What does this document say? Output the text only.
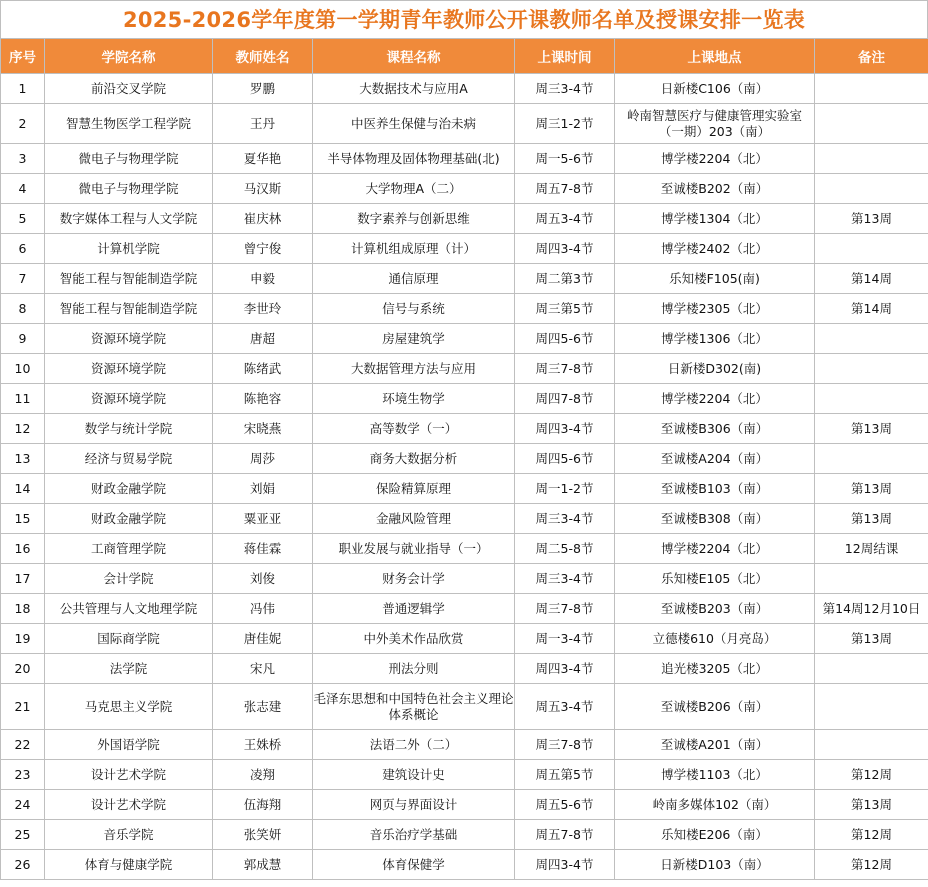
2025-2026学年度第一学期青年教师公开课教师名单及授课安排一览表
序号	学院名称	教师姓名	课程名称	上课时间	上课地点	备注
1	前沿交叉学院	罗鹏	大数据技术与应用A	周三3-4节	日新楼C106（南）	
2	智慧生物医学工程学院	王丹	中医养生保健与治未病	周三1-2节	岭南智慧医疗与健康管理实验室（一期）203（南）	
3	微电子与物理学院	夏华艳	半导体物理及固体物理基础(北)	周一5-6节	博学楼2204（北）	
4	微电子与物理学院	马汉斯	大学物理A（二）	周五7-8节	至诚楼B202（南）	
5	数字媒体工程与人文学院	崔庆林	数字素养与创新思维	周五3-4节	博学楼1304（北）	第13周
6	计算机学院	曾宁俊	计算机组成原理（计）	周四3-4节	博学楼2402（北）	
7	智能工程与智能制造学院	申毅	通信原理	周二第3节	乐知楼F105(南)	第14周
8	智能工程与智能制造学院	李世玲	信号与系统	周三第5节	博学楼2305（北）	第14周
9	资源环境学院	唐超	房屋建筑学	周四5-6节	博学楼1306（北）	
10	资源环境学院	陈绪武	大数据管理方法与应用	周三7-8节	日新楼D302(南)	
11	资源环境学院	陈艳容	环境生物学	周四7-8节	博学楼2204（北）	
12	数学与统计学院	宋晓燕	高等数学（一）	周四3-4节	至诚楼B306（南）	第13周
13	经济与贸易学院	周莎	商务大数据分析	周四5-6节	至诚楼A204（南）	
14	财政金融学院	刘娟	保险精算原理	周一1-2节	至诚楼B103（南）	第13周
15	财政金融学院	粟亚亚	金融风险管理	周三3-4节	至诚楼B308（南）	第13周
16	工商管理学院	蒋佳霖	职业发展与就业指导（一）	周二5-8节	博学楼2204（北）	12周结课
17	会计学院	刘俊	财务会计学	周三3-4节	乐知楼E105（北）	
18	公共管理与人文地理学院	冯伟	普通逻辑学	周三7-8节	至诚楼B203（南）	第14周12月10日
19	国际商学院	唐佳妮	中外美术作品欣赏	周一3-4节	立德楼610（月亮岛）	第13周
20	法学院	宋凡	刑法分则	周四3-4节	追光楼3205（北）	
21	马克思主义学院	张志建	毛泽东思想和中国特色社会主义理论体系概论	周五3-4节	至诚楼B206（南）	
22	外国语学院	王姝桥	法语二外（二）	周三7-8节	至诚楼A201（南）	
23	设计艺术学院	凌翔	建筑设计史	周五第5节	博学楼1103（北）	第12周
24	设计艺术学院	伍海翔	网页与界面设计	周五5-6节	岭南多媒体102（南）	第13周
25	音乐学院	张笑妍	音乐治疗学基础	周五7-8节	乐知楼E206（南）	第12周
26	体育与健康学院	郭成慧	体育保健学	周四3-4节	日新楼D103（南）	第12周
